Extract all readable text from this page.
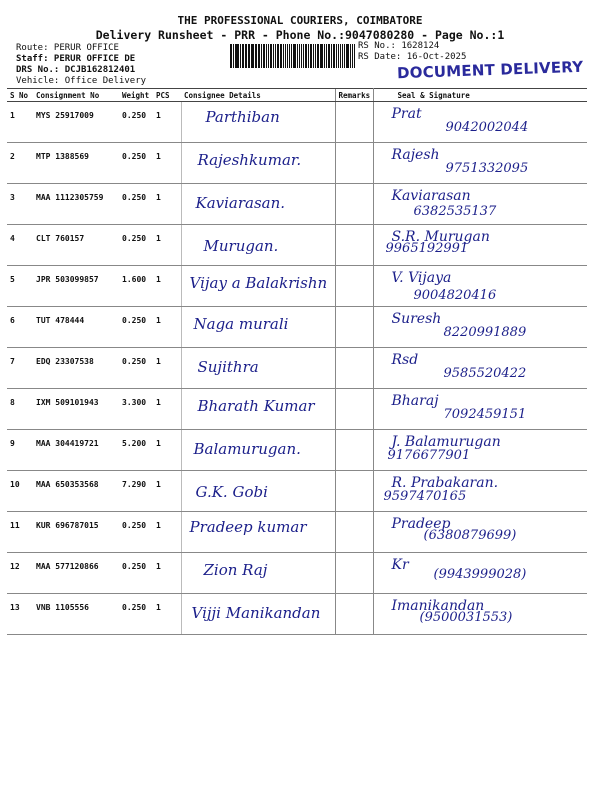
THE PROFESSIONAL COURIERS, COIMBATORE
Delivery Runsheet - PRR - Phone No.:9047080280 - Page No.:1
Route: PERUR OFFICE
Staff: PERUR OFFICE DE
DRS No.: DCJB162812401
Vehicle: Office Delivery
RS No.: 1628124
RS Date: 16-Oct-2025
DOCUMENT DELIVERY
S No	Consignment No	Weight	PCS	Consignee Details	Remarks	Seal & Signature
1	MYS 25917009	0.250	1	Parthiban		Prat
9042002044

2	MTP 1388569	0.250	1	Rajeshkumar.		Rajesh
9751332095

3	MAA 1112305759	0.250	1	Kaviarasan.		Kaviarasan
6382535137

4	CLT 760157	0.250	1	Murugan.		S.R. Murugan
9965192991

5	JPR 503099857	1.600	1	Vijay a Balakrishn		V. Vijaya
9004820416

6	TUT 478444	0.250	1	Naga murali		Suresh
8220991889

7	EDQ 23307538	0.250	1	Sujithra		Rsd
9585520422

8	IXM 509101943	3.300	1	Bharath Kumar		Bharaj
7092459151

9	MAA 304419721	5.200	1	Balamurugan.		J. Balamurugan
9176677901

10	MAA 650353568	7.290	1	G.K. Gobi		R. Prabakaran.
9597470165

11	KUR 696787015	0.250	1	Pradeep kumar		Pradeep
(6380879699)

12	MAA 577120866	0.250	1	Zion Raj		Kr
(9943999028)

13	VNB 1105556	0.250	1	Vijji Manikandan		Imanikandan
(9500031553)
